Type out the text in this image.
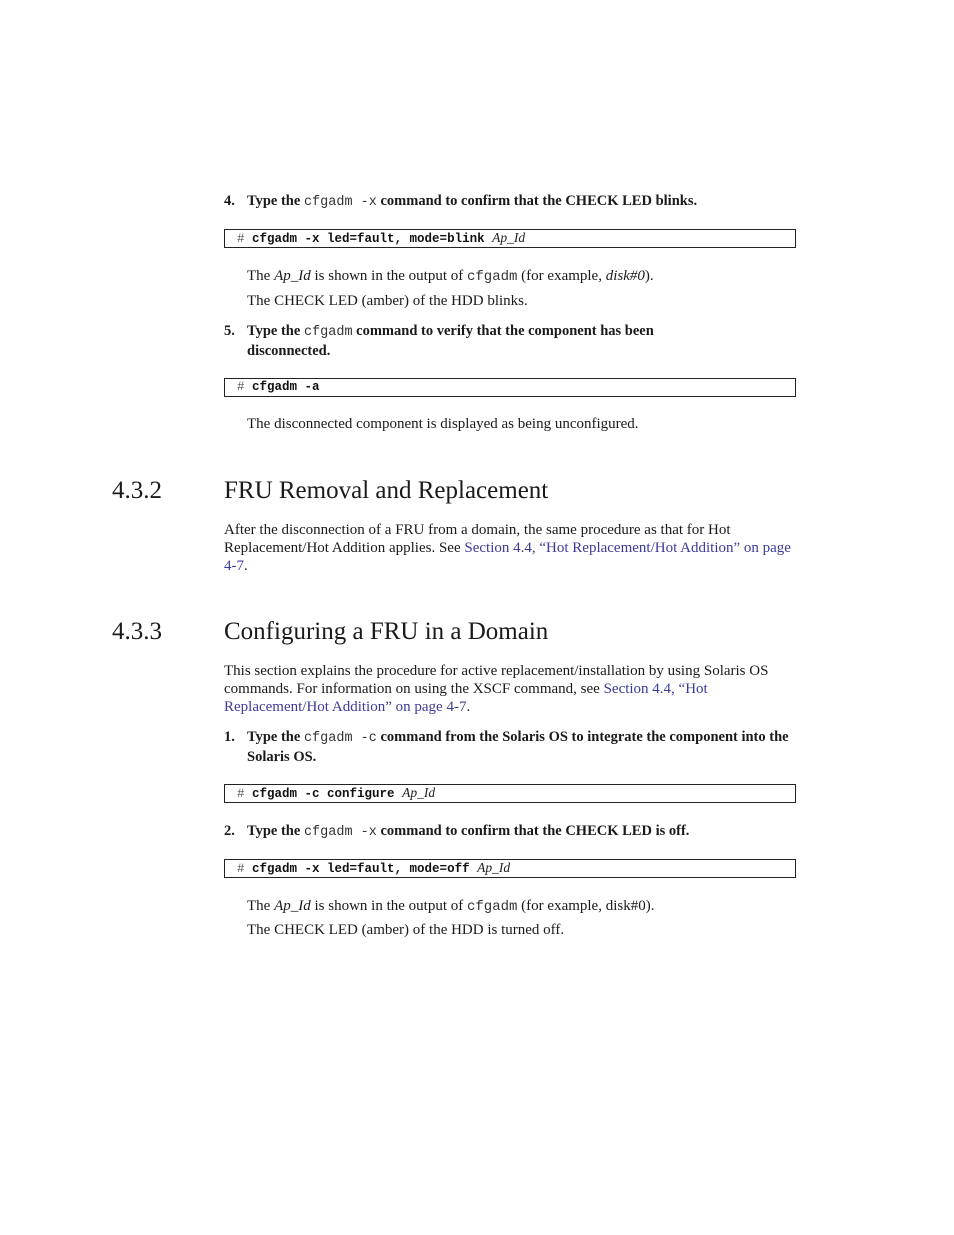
4. Type the cfgadm -x command to confirm that the CHECK LED blinks.
# cfgadm -x led=fault, mode=blink Ap_Id
The Ap_Id is shown in the output of cfgadm (for example, disk#0).
The CHECK LED (amber) of the HDD blinks.
5. Type the cfgadm command to verify that the component has been disconnected.
# cfgadm -a
The disconnected component is displayed as being unconfigured.
4.3.2 FRU Removal and Replacement
After the disconnection of a FRU from a domain, the same procedure as that for Hot Replacement/Hot Addition applies. See Section 4.4, “Hot Replacement/Hot Addition” on page 4-7.
4.3.3 Configuring a FRU in a Domain
This section explains the procedure for active replacement/installation by using Solaris OS commands. For information on using the XSCF command, see Section 4.4, “Hot Replacement/Hot Addition” on page 4-7.
1. Type the cfgadm -c command from the Solaris OS to integrate the component into the Solaris OS.
# cfgadm -c configure Ap_Id
2. Type the cfgadm -x command to confirm that the CHECK LED is off.
# cfgadm -x led=fault, mode=off Ap_Id
The Ap_Id is shown in the output of cfgadm (for example, disk#0).
The CHECK LED (amber) of the HDD is turned off.
